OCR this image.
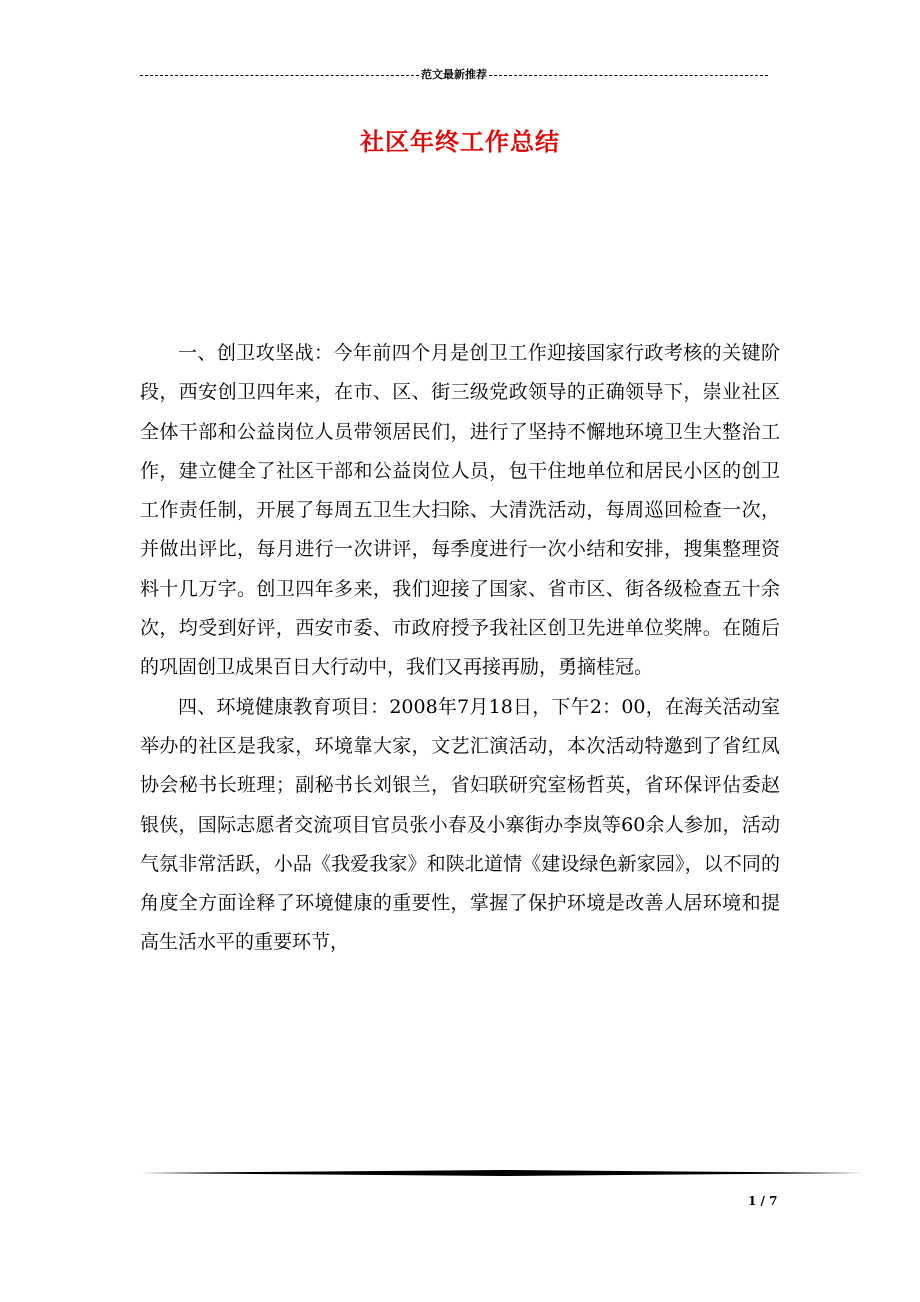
范文最新推荐
社区年终工作总结

一、创卫攻坚战：今年前四个月是创卫工作迎接国家行政考核的关键阶段，西安创卫四年来，在市、区、街三级党政领导的正确领导下，崇业社区全体干部和公益岗位人员带领居民们，进行了坚持不懈地环境卫生大整治工作，建立健全了社区干部和公益岗位人员，包干住地单位和居民小区的创卫工作责任制，开展了每周五卫生大扫除、大清洗活动，每周巡回检查一次，并做出评比，每月进行一次讲评，每季度进行一次小结和安排，搜集整理资料十几万字。创卫四年多来，我们迎接了国家、省市区、街各级检查五十余次，均受到好评，西安市委、市政府授予我社区创卫先进单位奖牌。在随后的巩固创卫成果百日大行动中，我们又再接再励，勇摘桂冠。

四、环境健康教育项目：2008年7月18日，下午2：00，在海关活动室举办的社区是我家，环境靠大家，文艺汇演活动，本次活动特邀到了省红凤协会秘书长班理；副秘书长刘银兰，省妇联研究室杨哲英，省环保评估委赵银侠，国际志愿者交流项目官员张小春及小寨街办李岚等60余人参加，活动气氛非常活跃，小品《我爱我家》和陕北道情《建设绿色新家园》，以不同的角度全方面诠释了环境健康的重要性，掌握了保护环境是改善人居环境和提高生活水平的重要环节，

1 / 7
